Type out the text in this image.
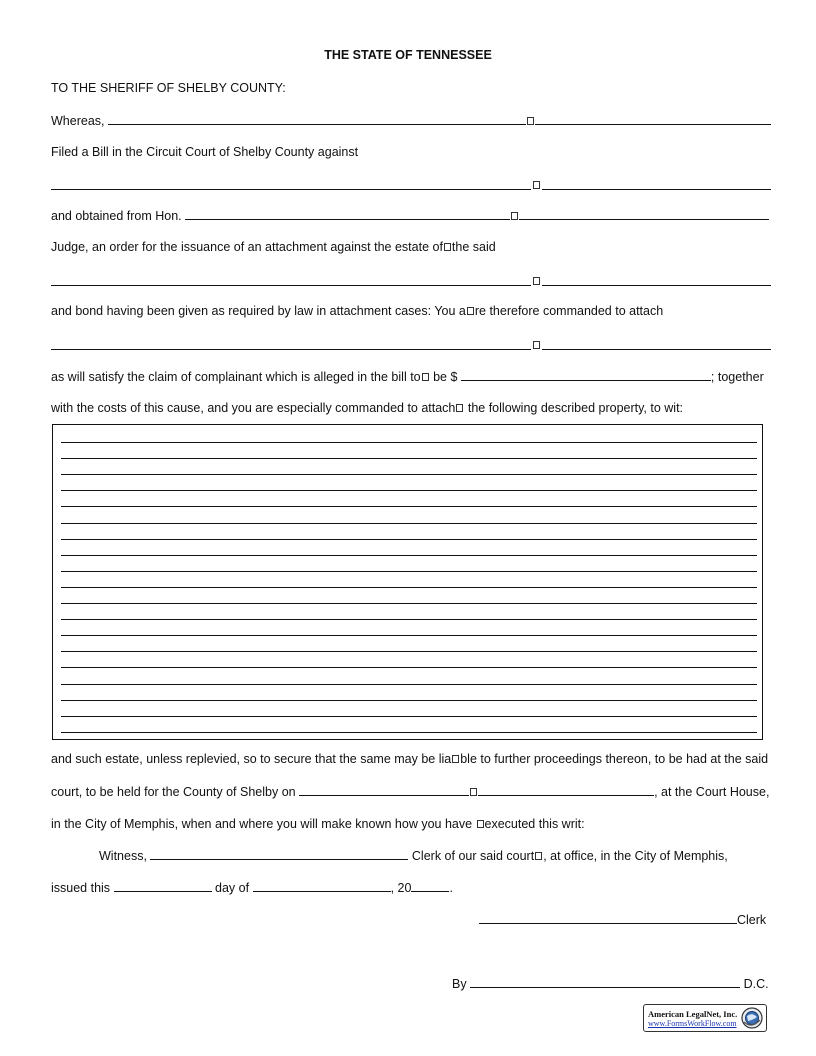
THE STATE OF TENNESSEE
TO THE SHERIFF OF SHELBY COUNTY:
Whereas,
Filed a Bill in the Circuit Court of Shelby County against
and obtained from Hon.
Judge, an order for the issuance of an attachment against the estate of the said
and bond having been given as required by law in attachment cases: You a re therefore commanded to attach
as will satisfy the claim of complainant which is alleged in the bill to be $	; together
with the costs of this cause, and you are especially commanded to attach the following described property, to wit:
and such estate, unless replevied, so to secure that the same may be lia ble to further proceedings thereon, to be had at the said
court, to be held for the County of Shelby on	, at the Court House,
in the City of Memphis, when and where you will make known how you have executed this writ:
Witness,	Clerk of our said court , at office, in the City of Memphis,
issued this	day of	, 20	.
Clerk
By	D.C.
American LegalNet, Inc.
www.FormsWorkFlow.com
